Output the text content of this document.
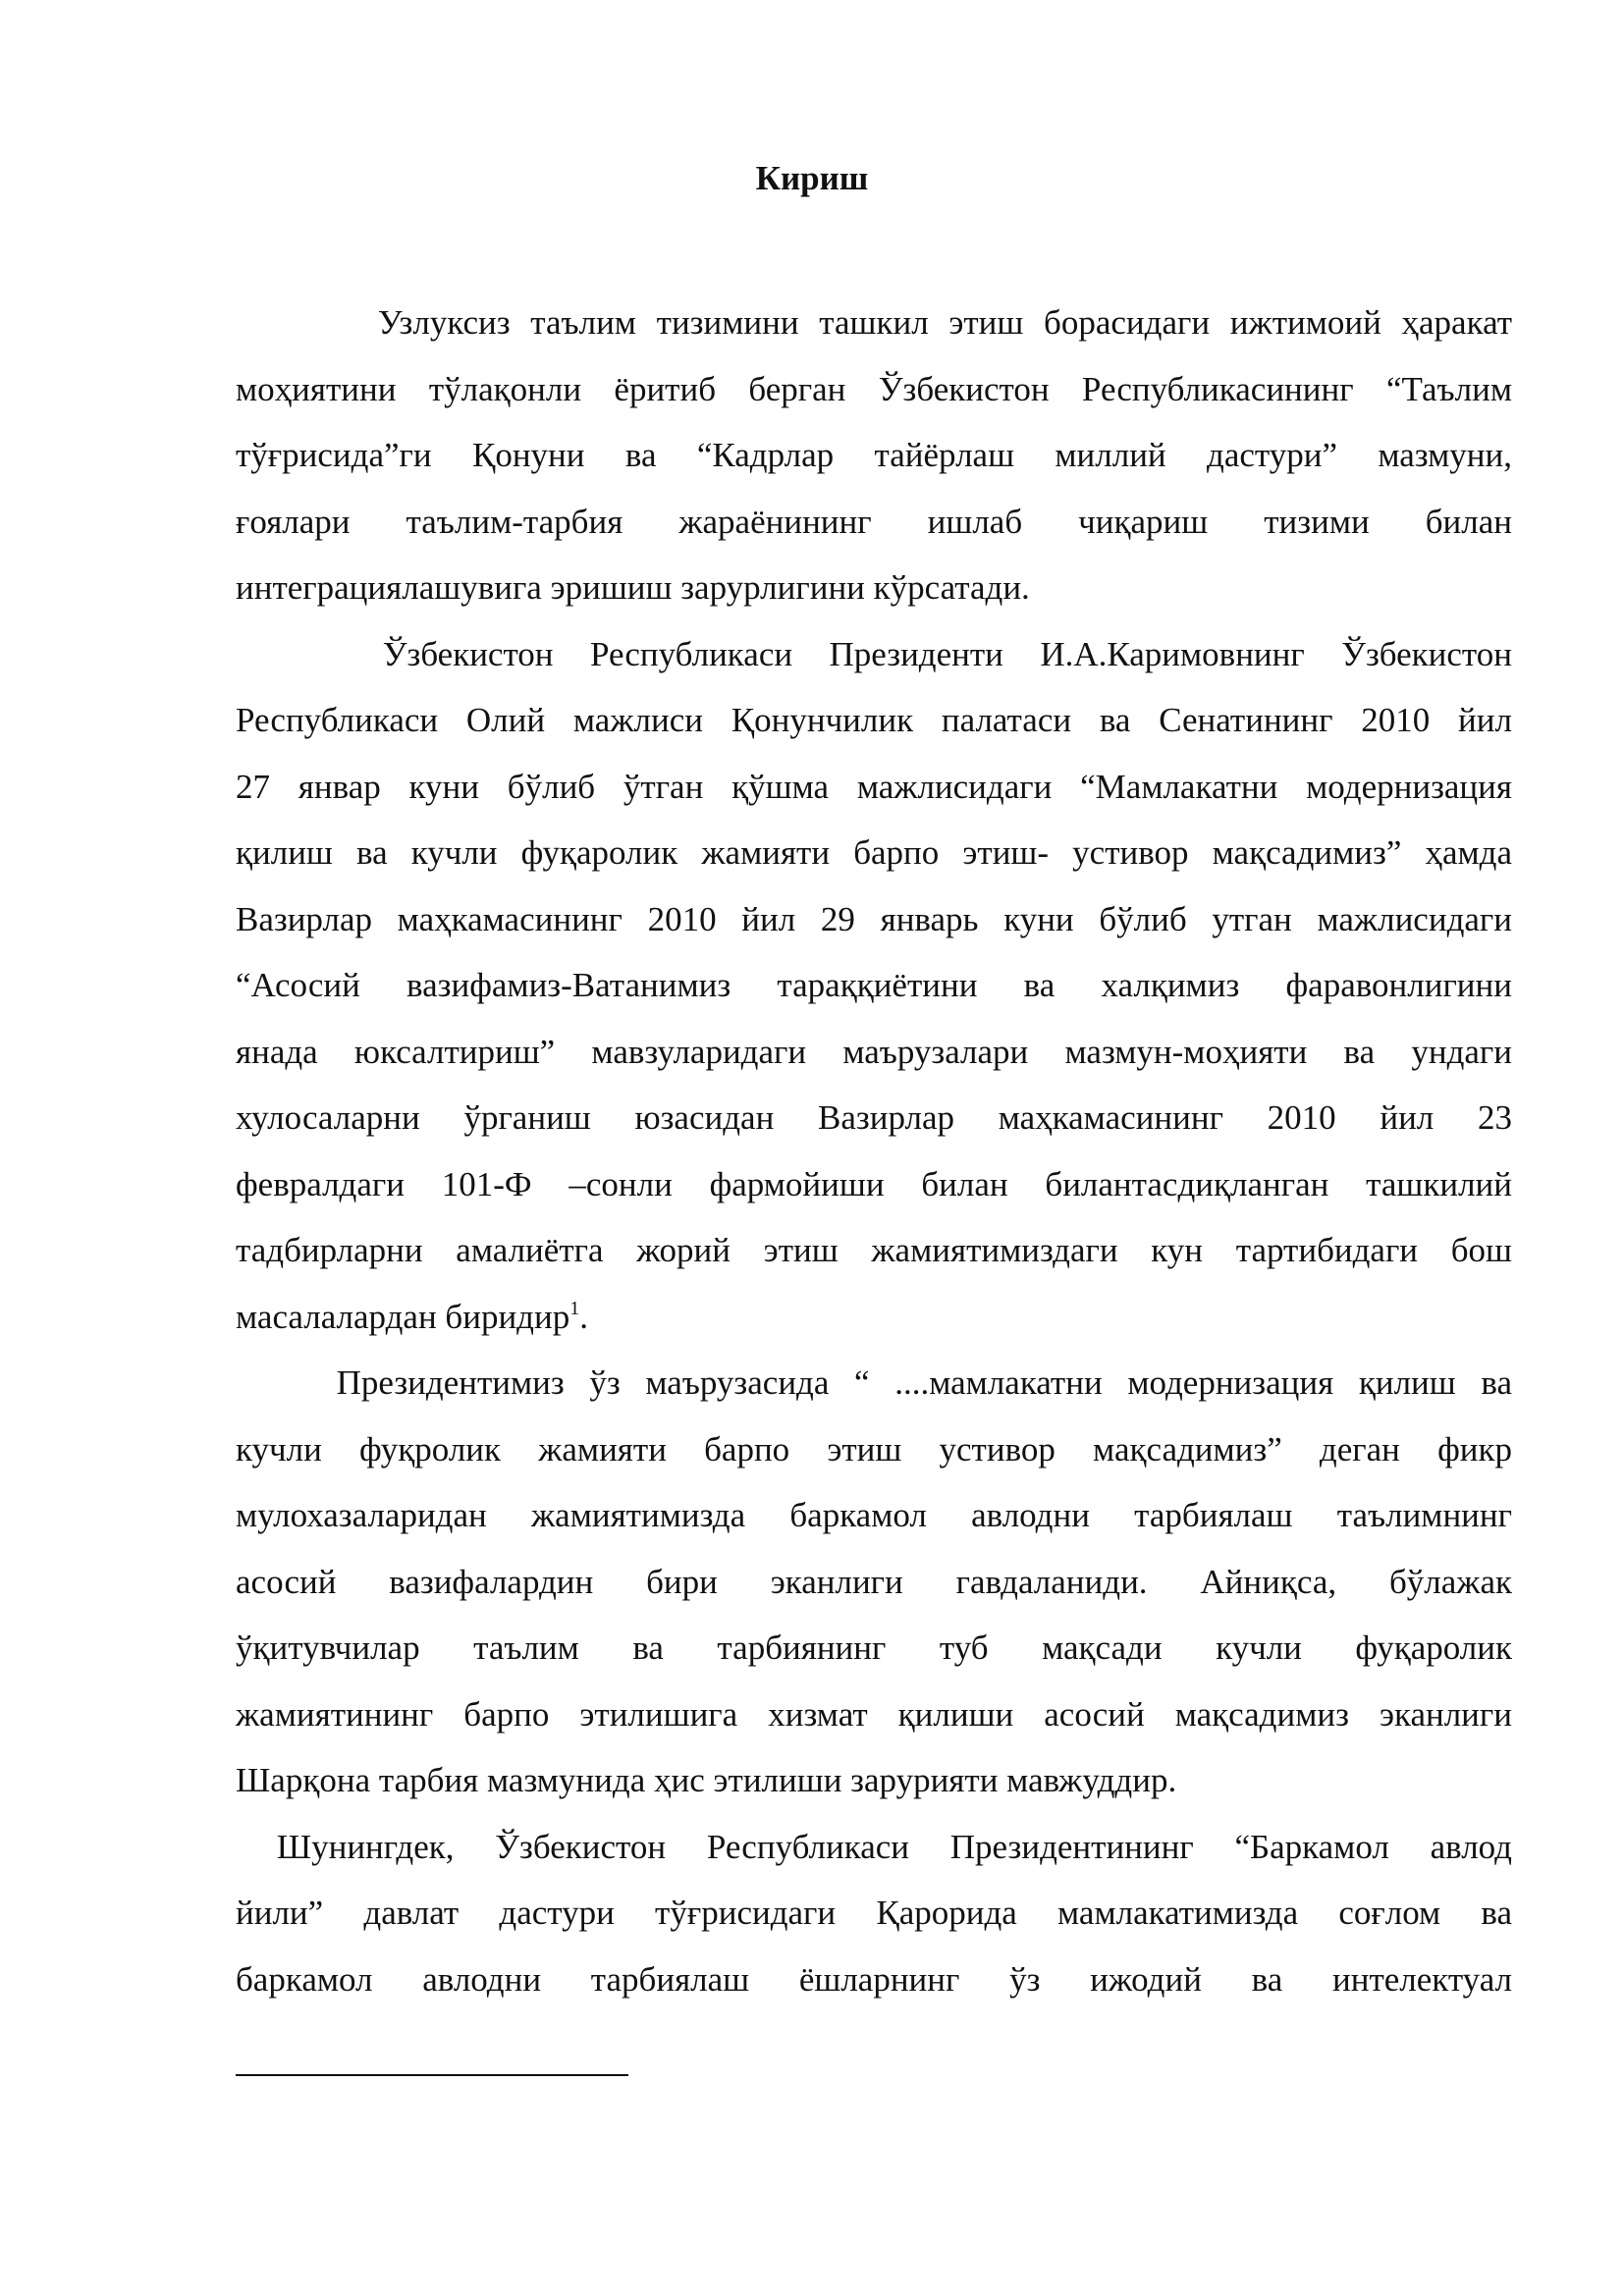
Кириш
Узлуксиз таълим тизимини ташкил этиш борасидаги ижтимоий ҳаракат
моҳиятини тўлақонли ёритиб берган Ўзбекистон Республикасининг “Таълим
тўғрисида”ги Қонуни ва “Кадрлар тайёрлаш миллий дастури” мазмуни,
ғоялари таълим-тарбия жараёнининг ишлаб чиқариш тизими билан
интеграциялашувига эришиш зарурлигини кўрсатади.
Ўзбекистон Республикаси Президенти И.А.Каримовнинг Ўзбекистон
Республикаси Олий мажлиси Қонунчилик палатаси ва Сенатининг 2010 йил
27 январ куни бўлиб ўтган қўшма мажлисидаги “Мамлакатни модернизация
қилиш ва кучли фуқаролик жамияти барпо этиш- устивор мақсадимиз” ҳамда
Вазирлар маҳкамасининг 2010 йил 29 январь куни бўлиб утган мажлисидаги
“Асосий вазифамиз-Ватанимиз тараққиётини ва халқимиз фаравонлигини
янада юксалтириш” мавзуларидаги маърузалари мазмун-моҳияти ва ундаги
хулосаларни ўрганиш юзасидан Вазирлар маҳкамасининг 2010 йил 23
февралдаги 101-Ф –сонли фармойиши билан билантасдиқланган ташкилий
тадбирларни амалиётга жорий этиш жамиятимиздаги кун тартибидаги бош
масалалардан биридир$^1$.
Президентимиз ўз маърузасида “ ....мамлакатни модернизация қилиш ва
кучли фуқролик жамияти барпо этиш устивор мақсадимиз” деган фикр
мулохазаларидан жамиятимизда баркамол авлодни тарбиялаш таълимнинг
асосий вазифалардин бири эканлиги гавдаланиди. Айниқса, бўлажак
ўқитувчилар таълим ва тарбиянинг туб мақсади кучли фуқаролик
жамиятининг барпо этилишига хизмат қилиши асосий мақсадимиз эканлиги
Шарқона тарбия мазмунида ҳис этилиши зарурияти мавжуддир.
Шунингдек, Ўзбекистон Республикаси Президентининг “Баркамол авлод
йили” давлат дастури тўғрисидаги Қарорида мамлакатимизда соғлом ва
баркамол авлодни тарбиялаш ёшларнинг ўз ижодий ва интелектуал
